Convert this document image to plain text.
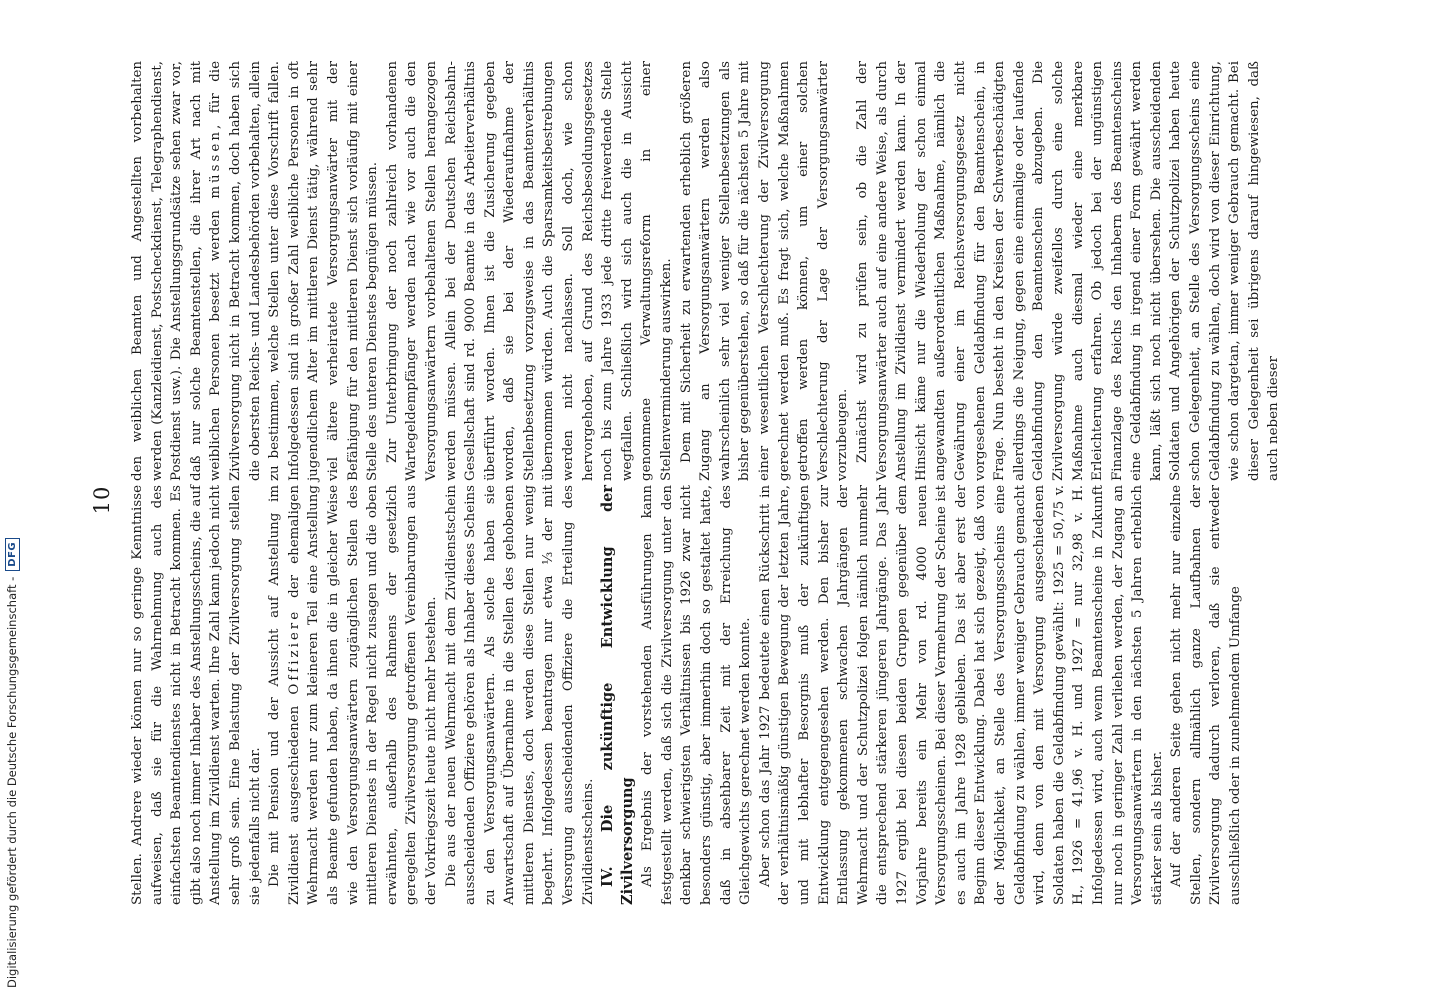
10 Stellen. Andrere wieder können nur so geringe Kenntnisse aufweisen, daß sie für die Wahrnehmung auch des einfachsten Beamtendienstes nicht in Betracht kommen. Es gibt also noch immer Inhaber des Anstellungsscheins, die auf Anstellung im Zivildienst warten. Ihre Zahl kann jedoch nicht sehr groß sein. Eine Belastung der Zivilversorgung stellen sie jedenfalls nicht dar. Die mit Pension und der Aussicht auf Anstellung im Zivildienst ausgeschiedenen Offiziere der ehemaligen Wehrmacht werden nur zum kleineren Teil eine Anstellung als Beamte gefunden haben, da ihnen die in gleicher Weise wie den Versorgungsanwärtern zugänglichen Stellen des mittleren Dienstes in der Regel nicht zusagen und die oben erwähnten, außerhalb des Rahmens der gesetzlich geregelten Zivilversorgung getroffenen Vereinbarungen aus der Vorkriegszeit heute nicht mehr bestehen. Die aus der neuen Wehrmacht mit dem Zivildienstschein ausscheidenden Offiziere gehören als Inhaber dieses Scheins zu den Versorgungsanwärtern. Als solche haben sie Anwartschaft auf Übernahme in die Stellen des gehobenen mittleren Dienstes, doch werden diese Stellen nur wenig begehrt. Infolgedessen beantragen nur etwa ⅓ der mit Versorgung ausscheidenden Offiziere die Erteilung des Zivildienstscheins. IV. Die zukünftige Entwicklung der Zivilversorgung Als Ergebnis der vorstehenden Ausführungen kann festgestellt werden, daß sich die Zivilversorgung unter den denkbar schwierigsten Verhältnissen bis 1926 zwar nicht besonders günstig, aber immerhin doch so gestaltet hatte, daß in absehbarer Zeit mit der Erreichung des Gleichgewichts gerechnet werden konnte. Aber schon das Jahr 1927 bedeutete einen Rückschritt in der verhältnismäßig günstigen Bewegung der letzten Jahre, und mit lebhafter Besorgnis muß der zukünftigen Entwicklung entgegengesehen werden. Den bisher zur Entlassung gekommenen schwachen Jahrgängen der Wehrmacht und der Schutzpolizei folgen nämlich nunmehr die entsprechend stärkeren jüngeren Jahrgänge. Das Jahr 1927 ergibt bei diesen beiden Gruppen gegenüber dem Vorjahre bereits ein Mehr von rd. 4000 neuen Versorgungsscheinen. Bei dieser Vermehrung der Scheine ist es auch im Jahre 1928 geblieben. Das ist aber erst der Beginn dieser Entwicklung. Dabei hat sich gezeigt, daß von der Möglichkeit, an Stelle des Versorgungsscheins eine Geldabfindung zu wählen, immer weniger Gebrauch gemacht wird, denn von den mit Versorgung ausgeschiedenen Soldaten haben die Geldabfindung gewählt: 1925 = 50,75 v. H., 1926 = 41,96 v. H. und 1927 = nur 32,98 v. H. Infolgedessen wird, auch wenn Beamtenscheine in Zukunft nur noch in geringer Zahl verliehen werden, der Zugang an Versorgungsanwärtern in den nächsten 5 Jahren erheblich stärker sein als bisher. Auf der anderen Seite gehen nicht mehr nur einzelne Stellen, sondern allmählich ganze Laufbahnen der Zivilversorgung dadurch verloren, daß sie entweder ausschließlich oder in zunehmendem Umfange

den weiblichen Beamten und Angestellten vorbehalten werden (Kanzleidienst, Postscheckdienst, Telegraphendienst, Postdienst usw.). Die Anstellungsgrundsätze sehen zwar vor, daß nur solche Beamtenstellen, die ihrer Art nach mit weiblichen Personen besetzt werden müssen, für die Zivilversorgung nicht in Betracht kommen, doch haben sich die obersten Reichs- und Landesbehörden vorbehalten, allein zu bestimmen, welche Stellen unter diese Vorschrift fallen. Infolgedessen sind in großer Zahl weibliche Personen in oft jugendlichem Alter im mittleren Dienst tätig, während sehr viel ältere verheiratete Versorgungsanwärter mit der Befähigung für den mittleren Dienst sich vorläufig mit einer Stelle des unteren Dienstes begnügen müssen. Zur Unterbringung der noch zahlreich vorhandenen Wartegeldempfänger werden nach wie vor auch die den Versorgungsanwärtern vorbehaltenen Stellen herangezogen werden müssen. Allein bei der Deutschen Reichsbahn-Gesellschaft sind rd. 9000 Beamte in das Arbeiterverhältnis überführt worden. Ihnen ist die Zusicherung gegeben worden, daß sie bei der Wiederaufnahme der Stellenbesetzung vorzugsweise in das Beamtenverhältnis übernommen würden. Auch die Sparsamkeitsbestrebungen werden nicht nachlassen. Soll doch, wie schon hervorgehoben, auf Grund des Reichsbesoldungsgesetzes noch bis zum Jahre 1933 jede dritte freiwerdende Stelle wegfallen. Schließlich wird sich auch die in Aussicht genommene Verwaltungsreform in einer Stellenverminderung auswirken. Dem mit Sicherheit zu erwartenden erheblich größeren Zugang an Versorgungsanwärtern werden also wahrscheinlich sehr viel weniger Stellenbesetzungen als bisher gegenüberstehen, so daß für die nächsten 5 Jahre mit einer wesentlichen Verschlechterung der Zivilversorgung gerechnet werden muß. Es fragt sich, welche Maßnahmen getroffen werden können, um einer solchen Verschlechterung der Lage der Versorgungsanwärter vorzubeugen. Zunächst wird zu prüfen sein, ob die Zahl der Versorgungsanwärter auch auf eine andere Weise, als durch Anstellung im Zivildienst vermindert werden kann. In der Hinsicht käme nur die Wiederholung der schon einmal angewandten außerordentlichen Maßnahme, nämlich die Gewährung einer im Reichsversorgungsgesetz nicht vorgesehenen Geldabfindung für den Beamtenschein, in Frage. Nun besteht in den Kreisen der Schwerbeschädigten allerdings die Neigung, gegen eine einmalige oder laufende Geldabfindung den Beamtenschein abzugeben. Die Zivilversorgung würde zweifellos durch eine solche Maßnahme auch diesmal wieder eine merkbare Erleichterung erfahren. Ob jedoch bei der ungünstigen Finanzlage des Reichs den Inhabern des Beamtenscheins eine Geldabfindung in irgend einer Form gewährt werden kann, läßt sich noch nicht übersehen. Die ausscheidenden Soldaten und Angehörigen der Schutzpolizei haben heute schon Gelegenheit, an Stelle des Versorgungsscheins eine Geldabfindung zu wählen, doch wird von dieser Einrichtung, wie schon dargetan, immer weniger Gebrauch gemacht. Bei dieser Gelegenheit sei übrigens darauf hingewiesen, daß auch neben dieser

Digitalisierung gefördert durch die Deutsche Forschungsgemeinschaft -
DFG
